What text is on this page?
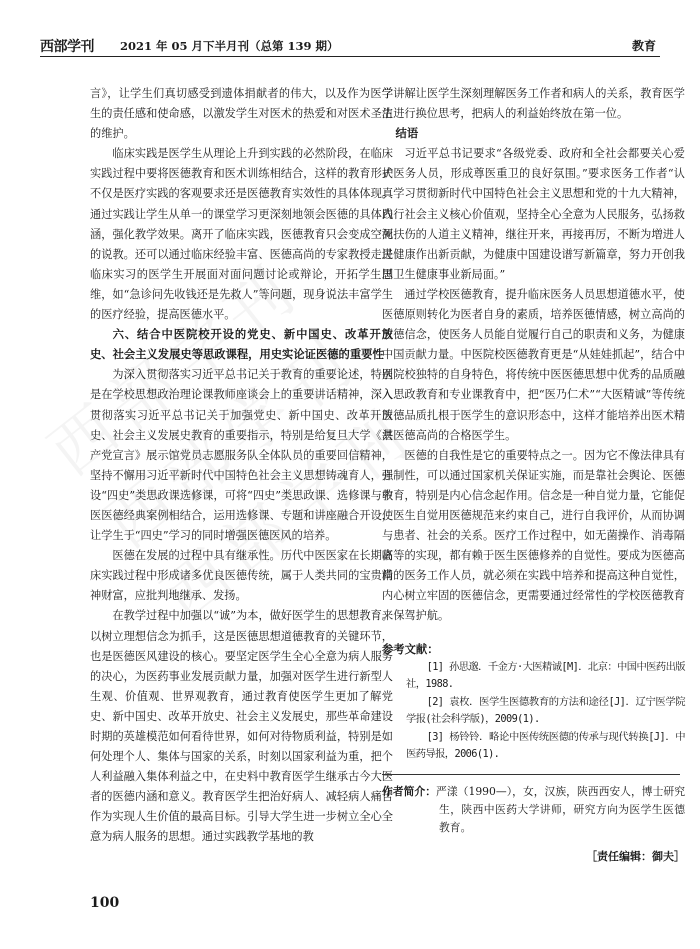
西部学刊 2021 年 05 月下半月刊（总第 139 期）	教育

言》，让学生们真切感受到遗体捐献者的伟大，以及作为医学生的责任感和使命感，以激发学生对医术的热爱和对医术圣洁的维护。

临床实践是医学生从理论上升到实践的必然阶段，在临床实践过程中要将医德教育和医术训练相结合，这样的教育形式不仅是医疗实践的客观要求还是医德教育实效性的具体体现。通过实践让学生从单一的课堂学习更深刻地领会医德的具体内涵，强化教学效果。离开了临床实践，医德教育只会变成空洞的说教。还可以通过临床经验丰富、医德高尚的专家教授走进临床实习的医学生开展面对面问题讨论或辩论，开拓学生思维，如“急诊问先收钱还是先救人”等问题，现身说法丰富学生的医疗经验，提高医德水平。

六、结合中医院校开设的党史、新中国史、改革开放史、社会主义发展史等思政课程，用史实论证医德的重要性

为深入贯彻落实习近平总书记关于教育的重要论述，特别是在学校思想政治理论课教师座谈会上的重要讲话精神，深入贯彻落实习近平总书记关于加强党史、新中国史、改革开放史、社会主义发展史教育的重要指示，特别是给复旦大学《共产党宣言》展示馆党员志愿服务队全体队员的重要回信精神，坚持不懈用习近平新时代中国特色社会主义思想铸魂育人，开设“四史”类思政课选修课，可将“四史”类思政课、选修课与中医医德经典案例相结合，运用选修课、专题和讲座融合开设，让学生于“四史”学习的同时增强医德医风的培养。

医德在发展的过程中具有继承性。历代中医医家在长期临床实践过程中形成诸多优良医德传统，属于人类共同的宝贵精神财富，应批判地继承、发扬。

在教学过程中加强以“诚”为本，做好医学生的思想教育。以树立理想信念为抓手，这是医德思想道德教育的关键环节，也是医德医风建设的核心。要坚定医学生全心全意为病人服务的决心，为医药事业发展贡献力量，加强对医学生进行新型人生观、价值观、世界观教育，通过教育使医学生更加了解党史、新中国史、改革开放史、社会主义发展史，那些革命建设时期的英雄模范如何看待世界，如何对待物质利益，特别是如何处理个人、集体与国家的关系，时刻以国家利益为重，把个人利益融入集体利益之中，在史料中教育医学生继承古今大医者的医德内涵和意义。教育医学生把治好病人、减轻病人痛苦作为实现人生价值的最高目标。引导大学生进一步树立全心全意为病人服务的思想。通过实践教学基地的教

学讲解让医学生深刻理解医务工作者和病人的关系，教育医学生进行换位思考，把病人的利益始终放在第一位。

结语

习近平总书记要求“各级党委、政府和全社会都要关心爱护医务人员，形成尊医重卫的良好氛围。”要求医务工作者“认真学习贯彻新时代中国特色社会主义思想和党的十九大精神，践行社会主义核心价值观，坚持全心全意为人民服务，弘扬救死扶伤的人道主义精神，继往开来，再接再厉，不断为増进人民健康作出新贡献，为健康中国建设谱写新篇章，努力开创我国卫生健康事业新局面。”

通过学校医德教育，提升临床医务人员思想道德水平，使医德原则转化为医者自身的素质，培养医德情感，树立高尚的医德信念，使医务人员能自觉履行自己的职责和义务，为健康中国贡献力量。中医院校医德教育更是“从娃娃抓起”，结合中医院校独特的自身特色，将传统中医医德思想中优秀的品质融入思政教育和专业课教育中，把“医乃仁术”“大医精诚”等传统医德品质扎根于医学生的意识形态中，这样才能培养出医术精湛医德高尚的合格医学生。

医德的自我性是它的重要特点之一。因为它不像法律具有强制性，可以通过国家机关保证实施，而是靠社会舆论、医德教育，特别是内心信念起作用。信念是一种自觉力量，它能促使医生自觉用医德规范来约束自己，进行自我评价，从而协调与患者、社会的关系。医疗工作过程中，如无菌操作、消毒隔离等的实现，都有赖于医生医德修养的自觉性。要成为医德高尚的医务工作人员，就必须在实践中培养和提高这种自觉性，内心树立牢固的医德信念，更需要通过经常性的学校医德教育来保驾护航。

参考文献：

[1] 孙思邈．千金方·大医精诚[M]．北京：中国中医药出版社，1988.

[2] 袁枚．医学生医德教育的方法和途径[J]．辽宁医学院学报(社会科学版)，2009(1).

[3] 杨铃铃．略论中医传统医德的传承与现代转换[J]．中医药导报，2006(1).

作者简介：严漾（1990—），女，汉族，陕西西安人，博士研究生，陕西中医药大学讲师，研究方向为医学生医德教育。
［责任编辑：御夫］
100
